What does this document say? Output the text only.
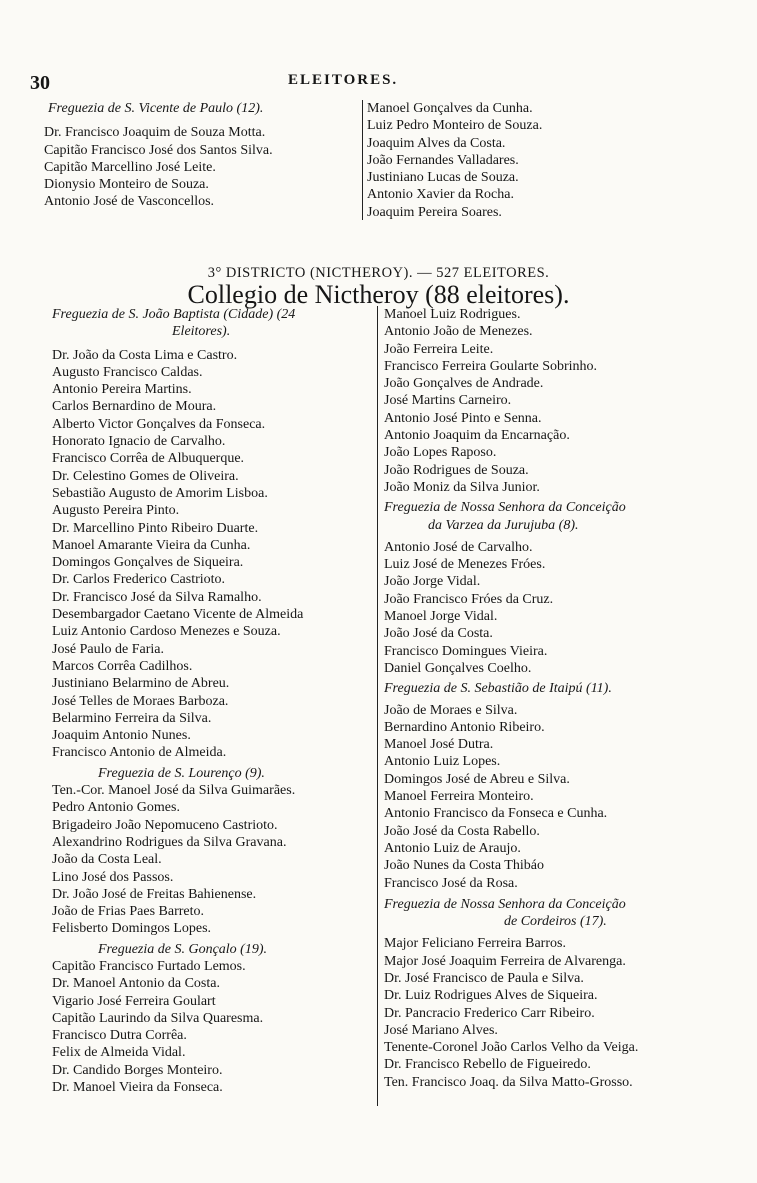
30	ELEITORES.
Freguezia de S. Vicente de Paulo (12).
Dr. Francisco Joaquim de Souza Motta.
Capitão Francisco José dos Santos Silva.
Capitão Marcellino José Leite.
Dionysio Monteiro de Souza.
Antonio José de Vasconcellos.
Manoel Gonçalves da Cunha.
Luiz Pedro Monteiro de Souza.
Joaquim Alves da Costa.
João Fernandes Valladares.
Justiniano Lucas de Souza.
Antonio Xavier da Rocha.
Joaquim Pereira Soares.
3° DISTRICTO (NICTHEROY). — 527 ELEITORES.
Collegio de Nictheroy (88 eleitores).
Freguezia de S. João Baptista (Cidade) (24
Eleitores).
Dr. João da Costa Lima e Castro.
Augusto Francisco Caldas.
Antonio Pereira Martins.
Carlos Bernardino de Moura.
Alberto Victor Gonçalves da Fonseca.
Honorato Ignacio de Carvalho.
Francisco Corrêa de Albuquerque.
Dr. Celestino Gomes de Oliveira.
Sebastião Augusto de Amorim Lisboa.
Augusto Pereira Pinto.
Dr. Marcellino Pinto Ribeiro Duarte.
Manoel Amarante Vieira da Cunha.
Domingos Gonçalves de Siqueira.
Dr. Carlos Frederico Castrioto.
Dr. Francisco José da Silva Ramalho.
Desembargador Caetano Vicente de Almeida
Luiz Antonio Cardoso Menezes e Souza.
José Paulo de Faria.
Marcos Corrêa Cadilhos.
Justiniano Belarmino de Abreu.
José Telles de Moraes Barboza.
Belarmino Ferreira da Silva.
Joaquim Antonio Nunes.
Francisco Antonio de Almeida.
Freguezia de S. Lourenço (9).
Ten.-Cor. Manoel José da Silva Guimarães.
Pedro Antonio Gomes.
Brigadeiro João Nepomuceno Castrioto.
Alexandrino Rodrigues da Silva Gravana.
João da Costa Leal.
Lino José dos Passos.
Dr. João José de Freitas Bahienense.
João de Frias Paes Barreto.
Felisberto Domingos Lopes.
Freguezia de S. Gonçalo (19).
Capitão Francisco Furtado Lemos.
Dr. Manoel Antonio da Costa.
Vigario José Ferreira Goulart
Capitão Laurindo da Silva Quaresma.
Francisco Dutra Corrêa.
Felix de Almeida Vidal.
Dr. Candido Borges Monteiro.
Dr. Manoel Vieira da Fonseca.
Manoel Luiz Rodrigues.
Antonio João de Menezes.
João Ferreira Leite.
Francisco Ferreira Goularte Sobrinho.
João Gonçalves de Andrade.
José Martins Carneiro.
Antonio José Pinto e Senna.
Antonio Joaquim da Encarnação.
João Lopes Raposo.
João Rodrigues de Souza.
João Moniz da Silva Junior.
Freguezia de Nossa Senhora da Conceição
da Varzea da Jurujuba (8).
Antonio José de Carvalho.
Luiz José de Menezes Fróes.
João Jorge Vidal.
João Francisco Fróes da Cruz.
Manoel Jorge Vidal.
João José da Costa.
Francisco Domingues Vieira.
Daniel Gonçalves Coelho.
Freguezia de S. Sebastião de Itaipú (11).
João de Moraes e Silva.
Bernardino Antonio Ribeiro.
Manoel José Dutra.
Antonio Luiz Lopes.
Domingos José de Abreu e Silva.
Manoel Ferreira Monteiro.
Antonio Francisco da Fonseca e Cunha.
João José da Costa Rabello.
Antonio Luiz de Araujo.
João Nunes da Costa Thibáo
Francisco José da Rosa.
Freguezia de Nossa Senhora da Conceição
de Cordeiros (17).
Major Feliciano Ferreira Barros.
Major José Joaquim Ferreira de Alvarenga.
Dr. José Francisco de Paula e Silva.
Dr. Luiz Rodrigues Alves de Siqueira.
Dr. Pancracio Frederico Carr Ribeiro.
José Mariano Alves.
Tenente-Coronel João Carlos Velho da Veiga.
Dr. Francisco Rebello de Figueiredo.
Ten. Francisco Joaq. da Silva Matto-Grosso.
